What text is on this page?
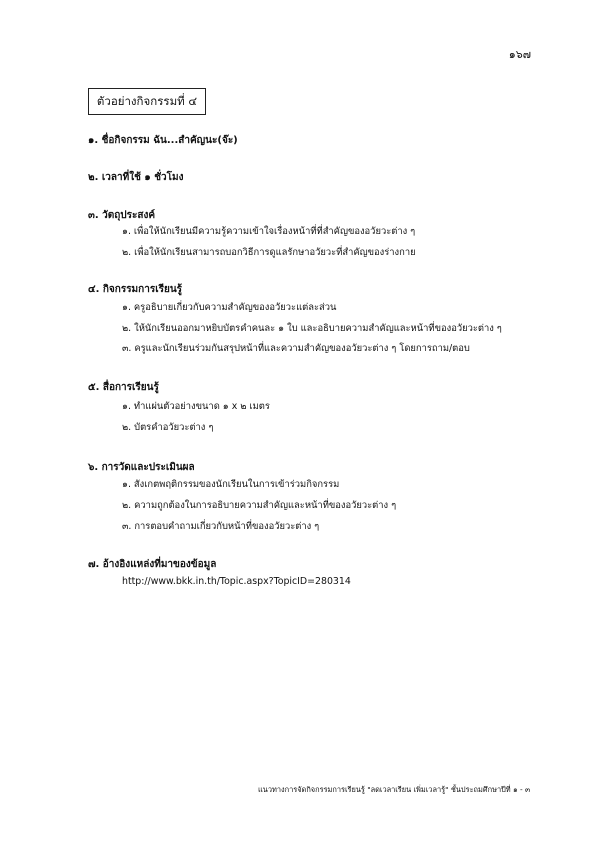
๑๖๗
ตัวอย่างกิจกรรมที่ ๔
๑. ชื่อกิจกรรม ฉัน...สำคัญนะ(จ๊ะ)
๒. เวลาที่ใช้ ๑ ชั่วโมง
๓. วัตถุประสงค์
๑. เพื่อให้นักเรียนมีความรู้ความเข้าใจเรื่องหน้าที่ที่สำคัญของอวัยวะต่าง ๆ
๒. เพื่อให้นักเรียนสามารถบอกวิธีการดูแลรักษาอวัยวะที่สำคัญของร่างกาย
๔. กิจกรรมการเรียนรู้
๑. ครูอธิบายเกี่ยวกับความสำคัญของอวัยวะแต่ละส่วน
๒. ให้นักเรียนออกมาหยิบบัตรคำคนละ ๑ ใบ และอธิบายความสำคัญและหน้าที่ของอวัยวะต่าง ๆ
๓. ครูและนักเรียนร่วมกันสรุปหน้าที่และความสำคัญของอวัยวะต่าง ๆ โดยการถาม/ตอบ
๕. สื่อการเรียนรู้
๑. ทำแผ่นตัวอย่างขนาด ๑ x ๒ เมตร
๒. บัตรคำอวัยวะต่าง ๆ
๖. การวัดและประเมินผล
๑. สังเกตพฤติกรรมของนักเรียนในการเข้าร่วมกิจกรรม
๒. ความถูกต้องในการอธิบายความสำคัญและหน้าที่ของอวัยวะต่าง ๆ
๓. การตอบคำถามเกี่ยวกับหน้าที่ของอวัยวะต่าง ๆ
๗. อ้างอิงแหล่งที่มาของข้อมูล
http://www.bkk.in.th/Topic.aspx?TopicID=280314
แนวทางการจัดกิจกรรมการเรียนรู้ "ลดเวลาเรียน เพิ่มเวลารู้" ชั้นประถมศึกษาปีที่ ๑ - ๓
